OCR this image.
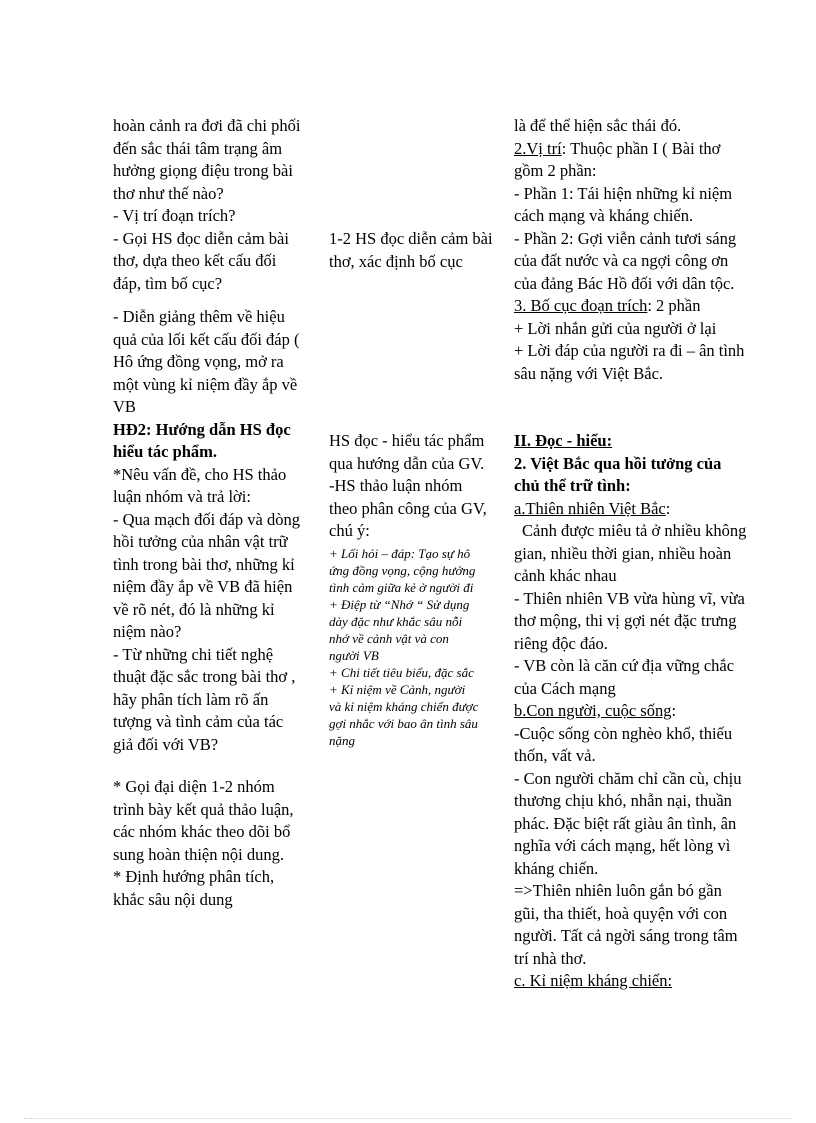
hoàn cảnh ra đơi đã chi phối

đến sắc thái tâm trạng âm

hưởng giọng điệu trong bài

thơ như thế nào?

- Vị trí đoạn trích?

- Gọi HS đọc diễn cảm bài

thơ, dựa theo kết cấu đối

đáp, tìm bố cục?

- Diễn giảng thêm về hiệu

quả của lối kết cấu đối đáp (

Hô ứng đồng vọng, mở ra

một vùng kỉ niệm đầy ắp về

VB

HĐ2: Hướng dẫn HS đọc

hiểu tác phẩm.

*Nêu vấn đề, cho HS thảo

luận nhóm và trả lời:

- Qua mạch đối đáp và dòng

hồi tưởng của nhân vật trữ

tình trong bài thơ, những kỉ

niệm đầy ắp về VB đã hiện

về rõ nét, đó là những kỉ

niệm nào?

- Từ những chi tiết nghệ

thuật đặc sắc trong bài thơ ,

hãy phân tích làm rõ ấn

tượng và tình cảm của tác

giả đối với VB?

* Gọi đại diện 1-2 nhóm

trình bày kết quả thảo luận,

các nhóm khác theo dõi bổ

sung hoàn thiện nội dung.

* Định hướng phân tích,

khắc sâu nội dung

1-2 HS đọc diễn cảm bài

thơ, xác định bố cục

HS đọc - hiểu tác phẩm

qua hướng dẫn của GV.

-HS thảo luận nhóm

theo phân công của GV,

chú ý:

+ Lối hỏi – đáp: Tạo sự hô

ứng đồng vọng, cộng hưởng

tình cảm giữa kẻ ở người đi

+ Điệp từ “Nhớ “ Sử dụng

dày đặc như khắc sâu nỗi

nhớ về cảnh vật và con

người VB

+ Chi tiết tiêu biểu, đặc sắc

+ Kỉ niệm về Cảnh, người

và kỉ niệm kháng chiến được

gợi nhắc với bao ân tình sâu

nặng

là để thể hiện sắc thái đó.

2.Vị trí: Thuộc phần I ( Bài thơ

gồm 2 phần:

- Phần 1: Tái hiện những kỉ niệm

cách mạng và kháng chiến.

- Phần 2: Gợi viễn cảnh tươi sáng

của đất nước và ca ngợi công ơn

của đảng Bác Hồ đối với dân tộc.

3. Bố cục đoạn trích: 2 phần

+ Lời nhắn gửi của người ở lại

+ Lời đáp của người ra đi – ân tình

sâu nặng với Việt Bắc.

II. Đọc - hiểu:

2. Việt Bắc qua hồi tưởng của

chủ thể trữ tình:

a.Thiên nhiên Việt Bắc:

Cảnh được miêu tả ở nhiều không

gian, nhiều thời gian, nhiều hoàn

cảnh khác nhau

- Thiên nhiên VB vừa hùng vĩ, vừa

thơ mộng, thi vị gợi nét đặc trưng

riêng độc đáo.

- VB còn là căn cứ địa vững chắc

của Cách mạng

b.Con người, cuộc sống:

-Cuộc sống còn nghèo khổ, thiếu

thốn, vất vả.

- Con người chăm chỉ cần cù, chịu

thương chịu khó, nhẫn nại, thuần

phác. Đặc biệt rất giàu ân tình, ân

nghĩa với cách mạng, hết lòng vì

kháng chiến.

=>Thiên nhiên luôn gắn bó gần

gũi, tha thiết, hoà quyện với con

người. Tất cả ngời sáng trong tâm

trí nhà thơ.

c. Kỉ niệm kháng chiến:
